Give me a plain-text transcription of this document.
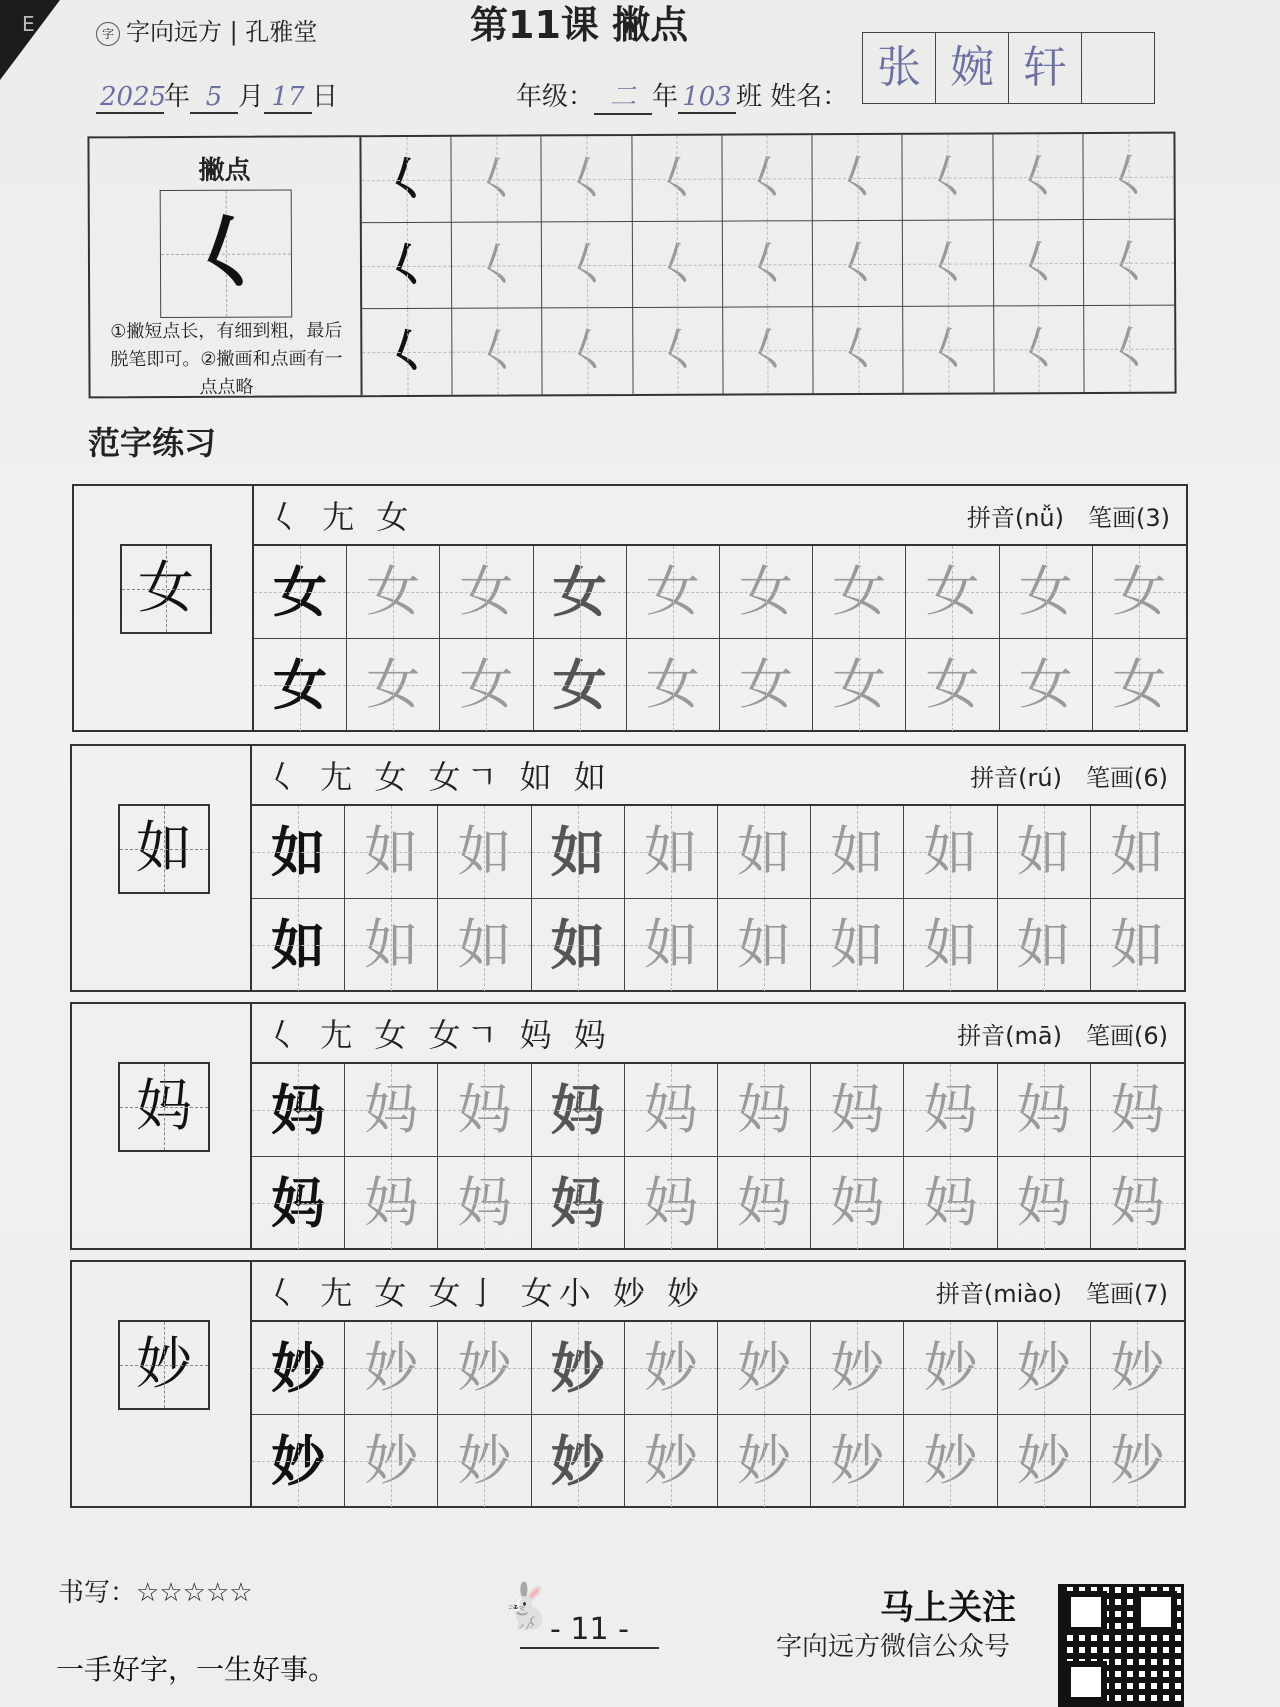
E	字 字向远方 | 孔雅堂	第11课 撇点
2025年 5 月 17 日	年级： 二 年 103 班 姓名：
张 婉 轩
撇点
𡿨
①撇短点长，有细到粗，最后脱笔即可。②撇画和点画有一点点略
𡿨 𡿨 𡿨 𡿨 𡿨 𡿨 𡿨 𡿨 𡿨
𡿨 𡿨 𡿨 𡿨 𡿨 𡿨 𡿨 𡿨 𡿨
𡿨 𡿨 𡿨 𡿨 𡿨 𡿨 𡿨 𡿨 𡿨
范字练习
女
𡿨 𡯁 女	拼音(nǚ)　 笔画(3)
女 女 女 女 女 女 女 女 女 女
女 女 女 女 女 女 女 女 女 女
如
𡿨 𡯁 女 女ㄱ 如 如	拼音(rú)　 笔画(6)
如 如 如 如 如 如 如 如 如 如
如 如 如 如 如 如 如 如 如 如
妈
𡿨 𡯁 女 女ㄱ 妈 妈	拼音(mā)　 笔画(6)
妈 妈 妈 妈 妈 妈 妈 妈 妈 妈
妈 妈 妈 妈 妈 妈 妈 妈 妈 妈
妙
𡿨 𡯁 女 女亅 女小 妙 妙	拼音(miào)　 笔画(7)
妙 妙 妙 妙 妙 妙 妙 妙 妙 妙
妙 妙 妙 妙 妙 妙 妙 妙 妙 妙
书写：☆☆☆☆☆
一手好字，一生好事。
🐇
- 11 -
马上关注
字向远方微信公众号
